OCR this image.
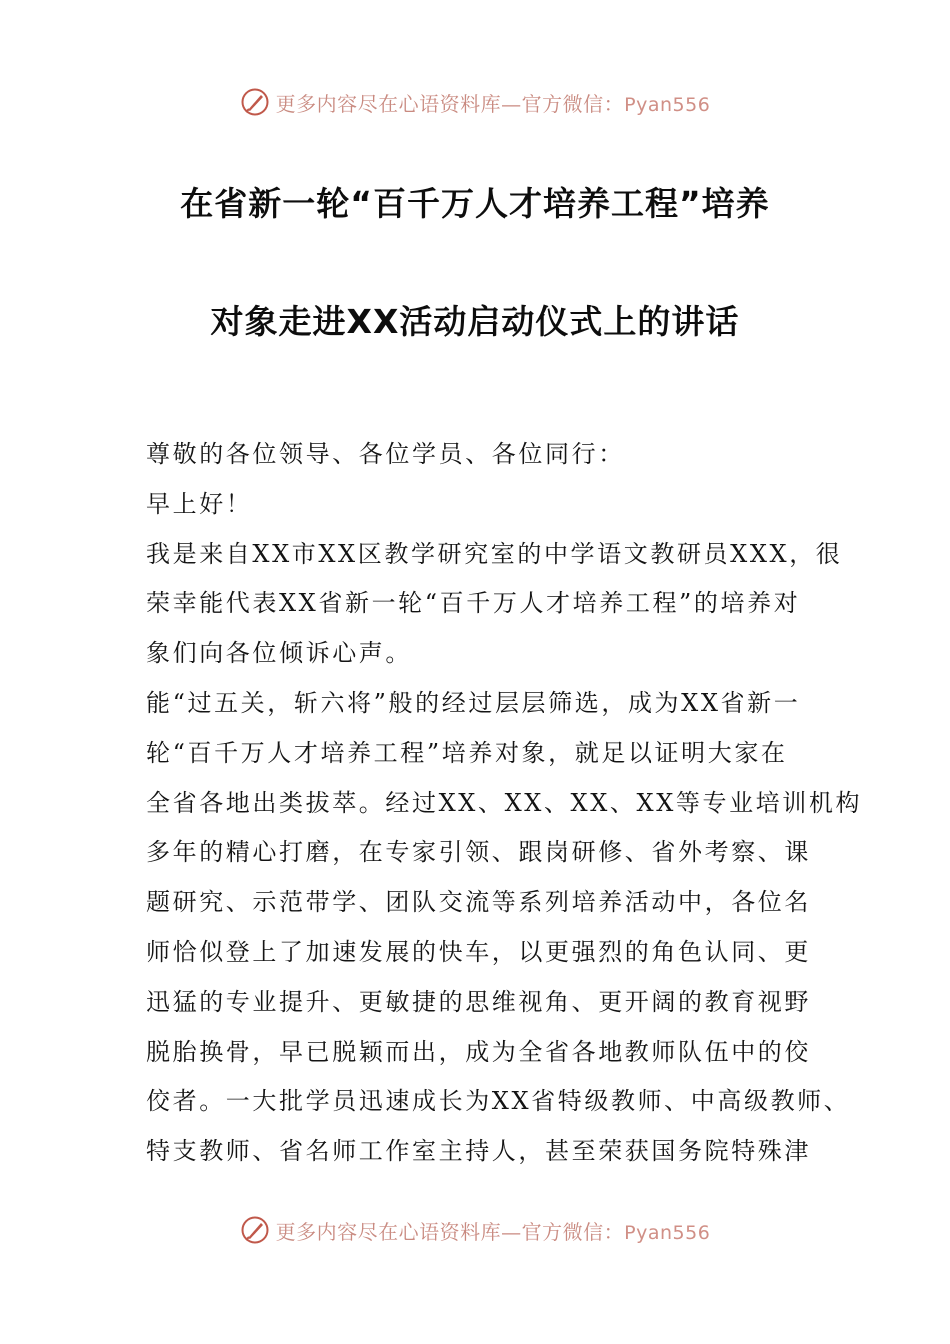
更多内容尽在心语资料库—官方微信：Pyan556
在省新一轮“百千万人才培养工程”培养
对象走进XX活动启动仪式上的讲话
尊敬的各位领导、各位学员、各位同行：
早上好！
我是来自XX市XX区教学研究室的中学语文教研员XXX，很
荣幸能代表XX省新一轮“百千万人才培养工程”的培养对
象们向各位倾诉心声。
能“过五关，斩六将”般的经过层层筛选，成为XX省新一
轮“百千万人才培养工程”培养对象，就足以证明大家在
全省各地出类拔萃。经过XX、XX、XX、XX等专业培训机构
多年的精心打磨，在专家引领、跟岗研修、省外考察、课
题研究、示范带学、团队交流等系列培养活动中，各位名
师恰似登上了加速发展的快车，以更强烈的角色认同、更
迅猛的专业提升、更敏捷的思维视角、更开阔的教育视野
脱胎换骨，早已脱颖而出，成为全省各地教师队伍中的佼
佼者。一大批学员迅速成长为XX省特级教师、中高级教师、
特支教师、省名师工作室主持人，甚至荣获国务院特殊津
更多内容尽在心语资料库—官方微信：Pyan556
